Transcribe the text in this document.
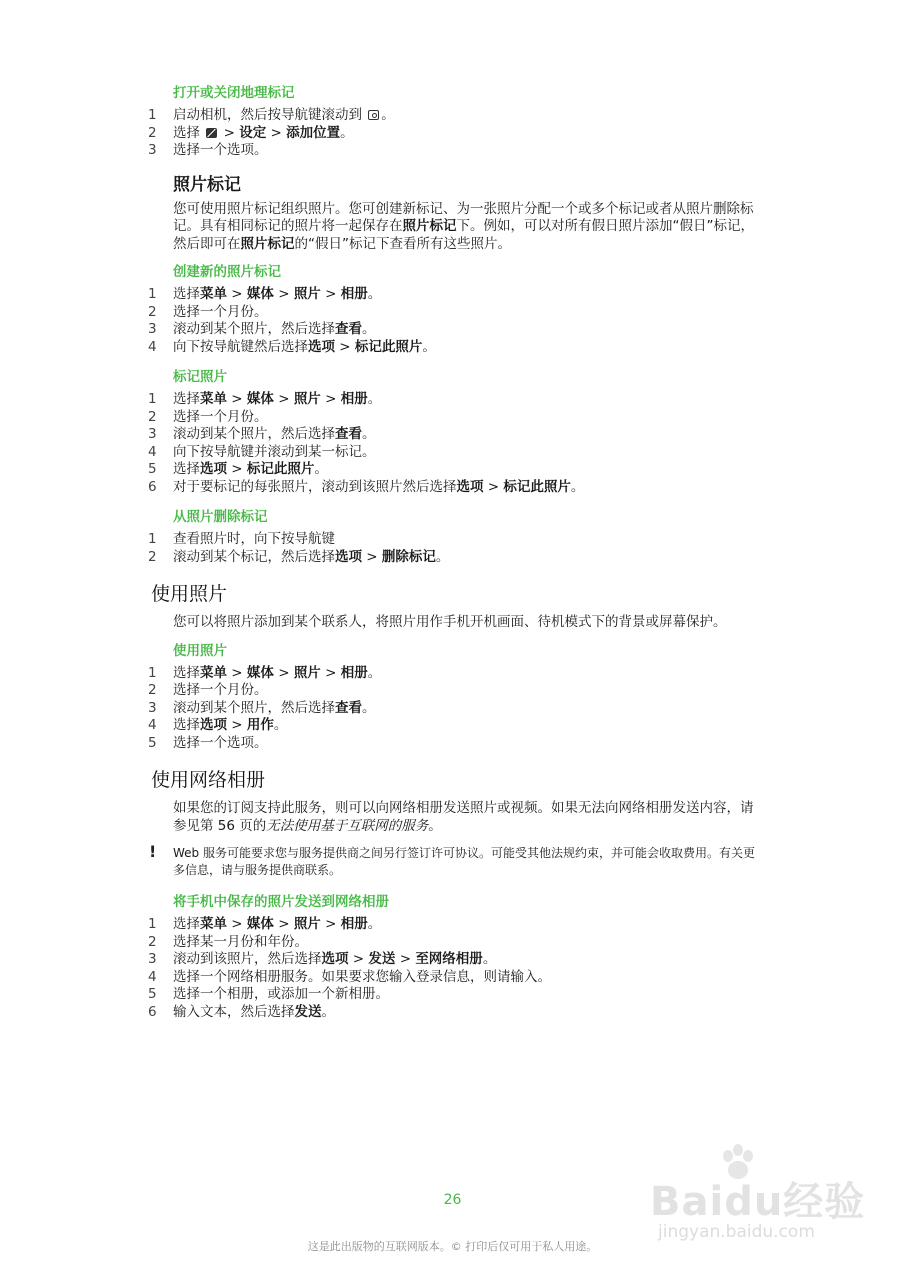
打开或关闭地理标记
1 启动相机，然后按导航键滚动到 。
2 选择 > 设定 > 添加位置。
3 选择一个选项。
照片标记
您可使用照片标记组织照片。您可创建新标记、为一张照片分配一个或多个标记或者从照片删除标记。具有相同标记的照片将一起保存在照片标记下。例如，可以对所有假日照片添加“假日”标记，然后即可在照片标记的“假日”标记下查看所有这些照片。
创建新的照片标记
1 选择菜单 > 媒体 > 照片 > 相册。
2 选择一个月份。
3 滚动到某个照片，然后选择查看。
4 向下按导航键然后选择选项 > 标记此照片。
标记照片
1 选择菜单 > 媒体 > 照片 > 相册。
2 选择一个月份。
3 滚动到某个照片，然后选择查看。
4 向下按导航键并滚动到某一标记。
5 选择选项 > 标记此照片。
6 对于要标记的每张照片，滚动到该照片然后选择选项 > 标记此照片。
从照片删除标记
1 查看照片时，向下按导航键
2 滚动到某个标记，然后选择选项 > 删除标记。
使用照片
您可以将照片添加到某个联系人，将照片用作手机开机画面、待机模式下的背景或屏幕保护。
使用照片
1 选择菜单 > 媒体 > 照片 > 相册。
2 选择一个月份。
3 滚动到某个照片，然后选择查看。
4 选择选项 > 用作。
5 选择一个选项。
使用网络相册
如果您的订阅支持此服务，则可以向网络相册发送照片或视频。如果无法向网络相册发送内容，请参见第 56 页的无法使用基于互联网的服务。
! Web 服务可能要求您与服务提供商之间另行签订许可协议。可能受其他法规约束，并可能会收取费用。有关更多信息，请与服务提供商联系。
将手机中保存的照片发送到网络相册
1 选择菜单 > 媒体 > 照片 > 相册。
2 选择某一月份和年份。
3 滚动到该照片，然后选择选项 > 发送 > 至网络相册。
4 选择一个网络相册服务。如果要求您输入登录信息，则请输入。
5 选择一个相册，或添加一个新相册。
6 输入文本，然后选择发送。
Baidu经验
jingyan.baidu.com
26
这是此出版物的互联网版本。© 打印后仅可用于私人用途。
